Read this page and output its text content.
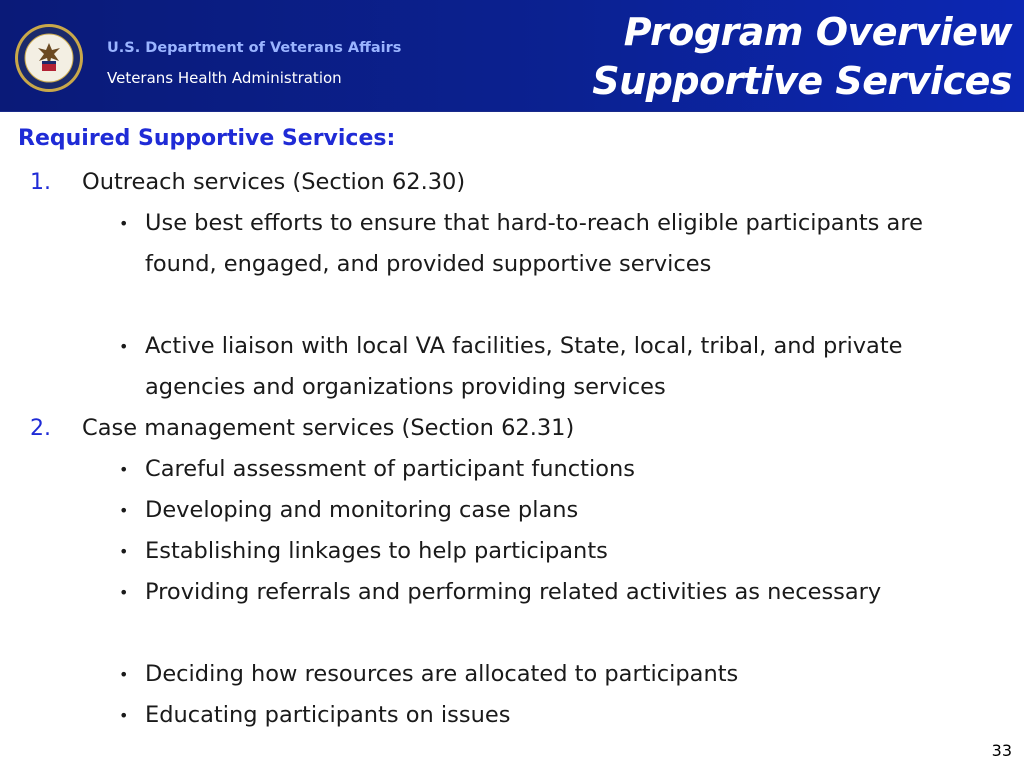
U.S. Department of Veterans Affairs
Veterans Health Administration
Program Overview
Supportive Services
Required Supportive Services:
1. Outreach services (Section 62.30)
• Use best efforts to ensure that hard-to-reach eligible participants are found, engaged, and provided supportive services
• Active liaison with local VA facilities, State, local, tribal, and private agencies and organizations providing services
2. Case management services (Section 62.31)
• Careful assessment of participant functions
• Developing and monitoring case plans
• Establishing linkages to help participants
• Providing referrals and performing related activities as necessary
• Deciding how resources are allocated to participants
• Educating participants on issues
33
